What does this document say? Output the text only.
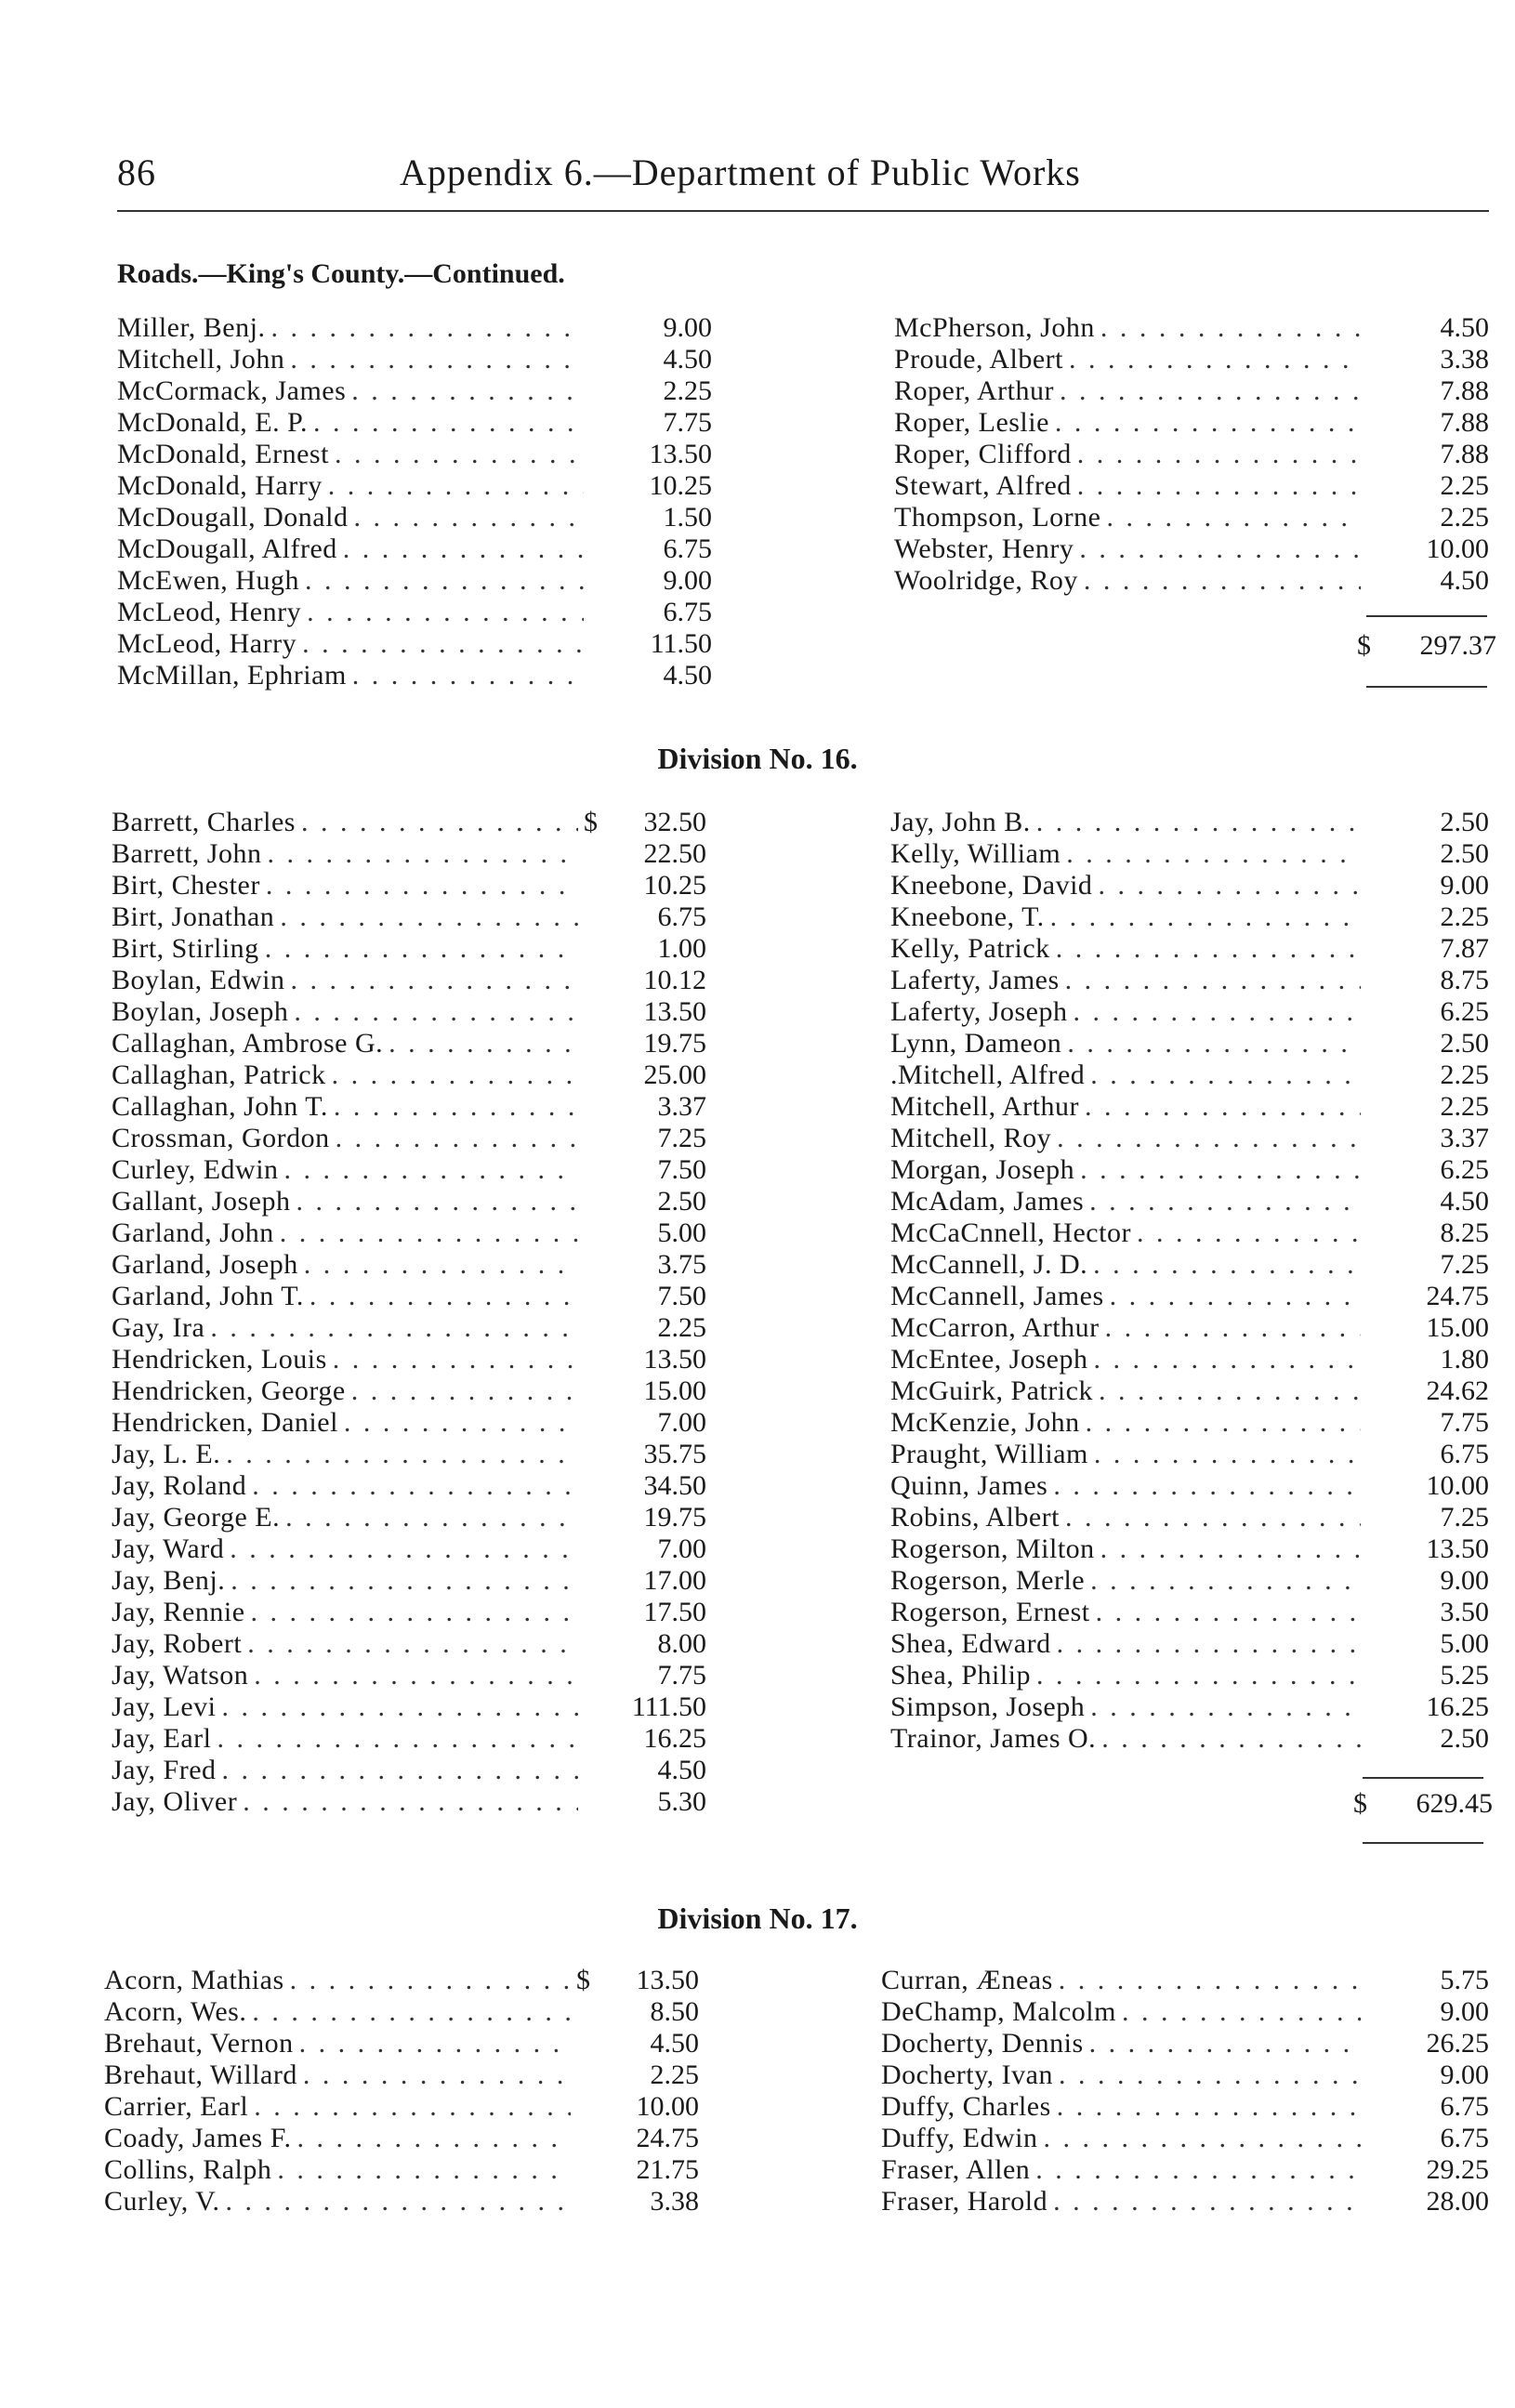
86	Appendix 6.—Department of Public Works
Roads.—King's County.—Continued.
Miller, Benj. . . .	9.00
Mitchell, John . . .	4.50
McCormack, James . . .	2.25
McDonald, E. P. . . .	7.75
McDonald, Ernest . . .	13.50
McDonald, Harry . . .	10.25
McDougall, Donald . . .	1.50
McDougall, Alfred . . .	6.75
McEwen, Hugh . . .	9.00
McLeod, Henry . . .	6.75
McLeod, Harry . . .	11.50
McMillan, Ephriam . . .	4.50
McPherson, John . . .	4.50
Proude, Albert . . .	3.38
Roper, Arthur . . .	7.88
Roper, Leslie . . .	7.88
Roper, Clifford . . .	7.88
Stewart, Alfred . . .	2.25
Thompson, Lorne . . .	2.25
Webster, Henry . . .	10.00
Woolridge, Roy . . .	4.50
$ 297.37
Division No. 16.
Barrett, Charles . . .	$	32.50
Barrett, John . . .	22.50
Birt, Chester . . .	10.25
Birt, Jonathan . . .	6.75
Birt, Stirling . . .	1.00
Boylan, Edwin . . .	10.12
Boylan, Joseph . . .	13.50
Callaghan, Ambrose G. . . .	19.75
Callaghan, Patrick . . .	25.00
Callaghan, John T. . . .	3.37
Crossman, Gordon . . .	7.25
Curley, Edwin . . .	7.50
Gallant, Joseph . . .	2.50
Garland, John . . .	5.00
Garland, Joseph . . .	3.75
Garland, John T. . . .	7.50
Gay, Ira . . .	2.25
Hendricken, Louis . . .	13.50
Hendricken, George . . .	15.00
Hendricken, Daniel . . .	7.00
Jay, L. E. . . .	35.75
Jay, Roland . . .	34.50
Jay, George E. . . .	19.75
Jay, Ward . . .	7.00
Jay, Benj. . . .	17.00
Jay, Rennie . . .	17.50
Jay, Robert . . .	8.00
Jay, Watson . . .	7.75
Jay, Levi . . .	111.50
Jay, Earl . . .	16.25
Jay, Fred . . .	4.50
Jay, Oliver . . .	5.30
Jay, John B. . . .	2.50
Kelly, William . . .	2.50
Kneebone, David . . .	9.00
Kneebone, T. . . .	2.25
Kelly, Patrick . . .	7.87
Laferty, James . . .	8.75
Laferty, Joseph . . .	6.25
Lynn, Dameon . . .	2.50
.Mitchell, Alfred . . .	2.25
Mitchell, Arthur . . .	2.25
Mitchell, Roy . . .	3.37
Morgan, Joseph . . .	6.25
McAdam, James . . .	4.50
McCaCnnell, Hector . . .	8.25
McCannell, J. D. . . .	7.25
McCannell, James . . .	24.75
McCarron, Arthur . . .	15.00
McEntee, Joseph . . .	1.80
McGuirk, Patrick . . .	24.62
McKenzie, John . . .	7.75
Praught, William . . .	6.75
Quinn, James . . .	10.00
Robins, Albert . . .	7.25
Rogerson, Milton . . .	13.50
Rogerson, Merle . . .	9.00
Rogerson, Ernest . . .	3.50
Shea, Edward . . .	5.00
Shea, Philip . . .	5.25
Simpson, Joseph . . .	16.25
Trainor, James O. . . .	2.50
$ 629.45
Division No. 17.
Acorn, Mathias . . .	$	13.50
Acorn, Wes. . . .	8.50
Brehaut, Vernon . . .	4.50
Brehaut, Willard . . .	2.25
Carrier, Earl . . .	10.00
Coady, James F. . . .	24.75
Collins, Ralph . . .	21.75
Curley, V. . . .	3.38
Curran, Æneas . . .	5.75
DeChamp, Malcolm . . .	9.00
Docherty, Dennis . . .	26.25
Docherty, Ivan . . .	9.00
Duffy, Charles . . .	6.75
Duffy, Edwin . . .	6.75
Fraser, Allen . . .	29.25
Fraser, Harold . . .	28.00
